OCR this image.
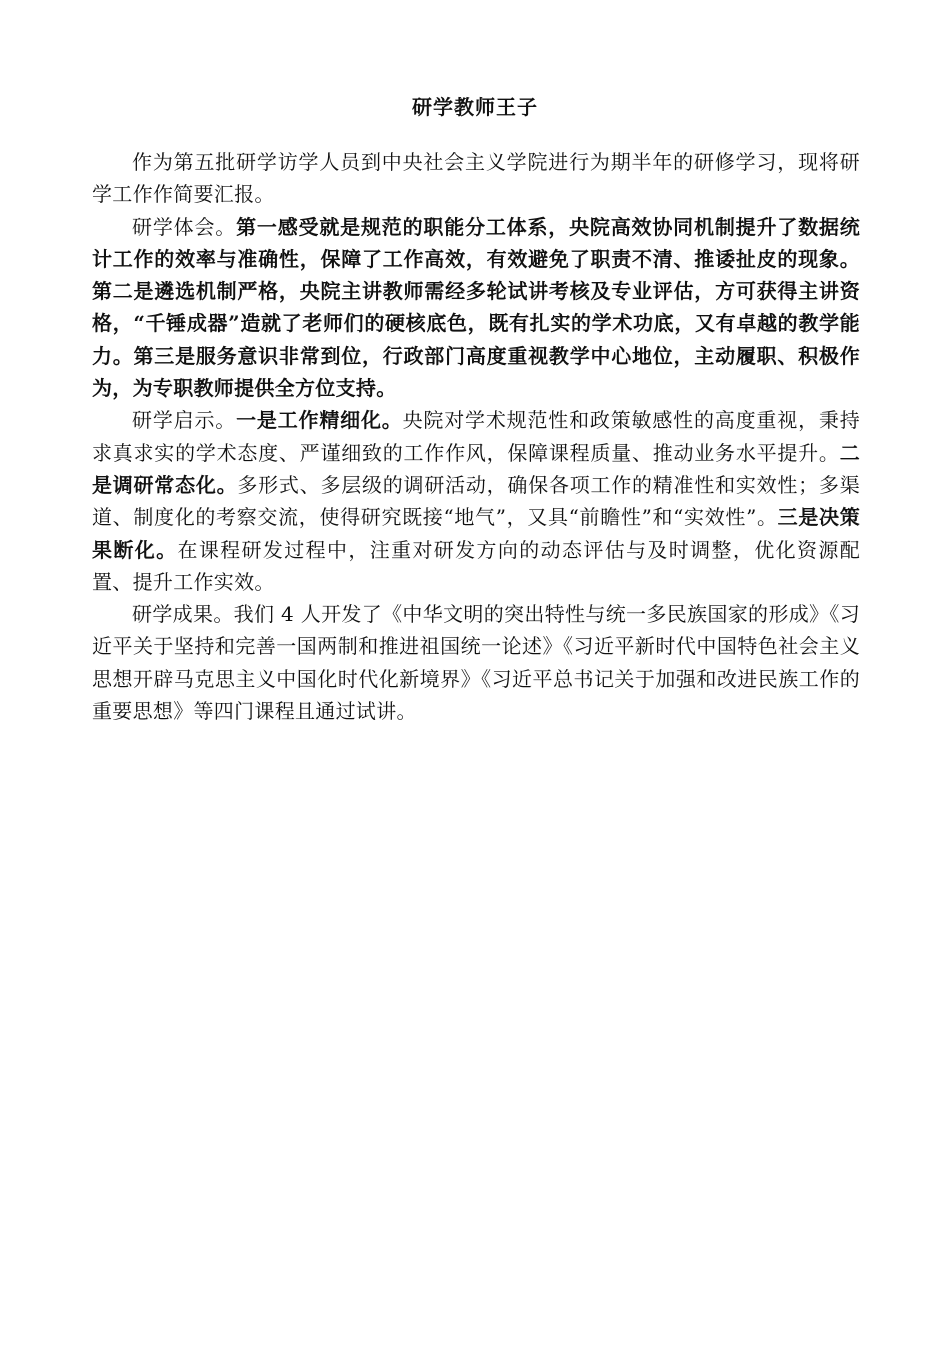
研学教师王子

作为第五批研学访学人员到中央社会主义学院进行为期半年的研修学习，现将研学工作作简要汇报。

研学体会。第一感受就是规范的职能分工体系，央院高效协同机制提升了数据统计工作的效率与准确性，保障了工作高效，有效避免了职责不清、推诿扯皮的现象。第二是遴选机制严格，央院主讲教师需经多轮试讲考核及专业评估，方可获得主讲资格，“千锤成器”造就了老师们的硬核底色，既有扎实的学术功底，又有卓越的教学能力。第三是服务意识非常到位，行政部门高度重视教学中心地位，主动履职、积极作为，为专职教师提供全方位支持。

研学启示。一是工作精细化。央院对学术规范性和政策敏感性的高度重视，秉持求真求实的学术态度、严谨细致的工作作风，保障课程质量、推动业务水平提升。二是调研常态化。多形式、多层级的调研活动，确保各项工作的精准性和实效性；多渠道、制度化的考察交流，使得研究既接“地气”，又具“前瞻性”和“实效性”。三是决策果断化。在课程研发过程中，注重对研发方向的动态评估与及时调整，优化资源配置、提升工作实效。

研学成果。我们 4 人开发了《中华文明的突出特性与统一多民族国家的形成》《习近平关于坚持和完善一国两制和推进祖国统一论述》《习近平新时代中国特色社会主义思想开辟马克思主义中国化时代化新境界》《习近平总书记关于加强和改进民族工作的重要思想》等四门课程且通过试讲。
